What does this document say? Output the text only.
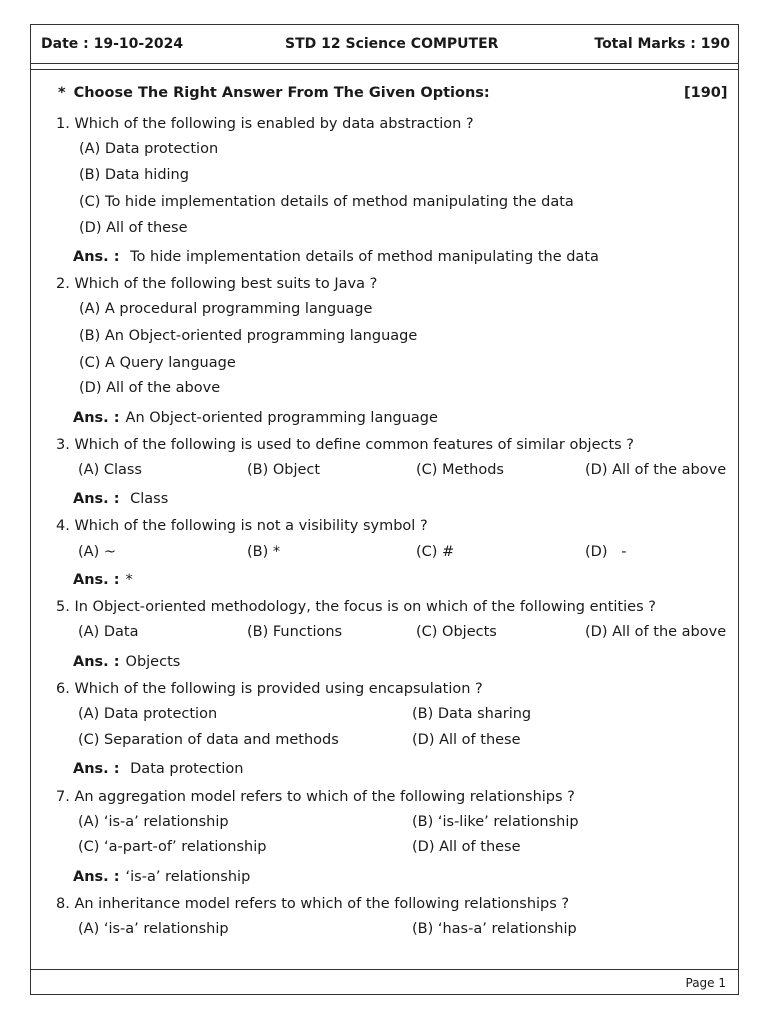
Date : 19-10-2024	STD 12 Science COMPUTER	Total Marks : 190
Page 1
* Choose The Right Answer From The Given Options:	[190]
1. Which of the following is enabled by data abstraction ?
(A) Data protection
(B) Data hiding
(C) To hide implementation details of method manipulating the data
(D) All of these
Ans. : To hide implementation details of method manipulating the data
2. Which of the following best suits to Java ?
(A) A procedural programming language
(B) An Object-oriented programming language
(C) A Query language
(D) All of the above
Ans. : An Object-oriented programming language
3. Which of the following is used to define common features of similar objects ?
(A) Class	(B) Object	(C) Methods	(D) All of the above
Ans. : Class
4. Which of the following is not a visibility symbol ?
(A) ~	(B) *	(C) #	(D)   -
Ans. : *
5. In Object-oriented methodology, the focus is on which of the following entities ?
(A) Data	(B) Functions	(C) Objects	(D) All of the above
Ans. : Objects
6. Which of the following is provided using encapsulation ?
(A) Data protection	(B) Data sharing
(C) Separation of data and methods	(D) All of these
Ans. : Data protection
7. An aggregation model refers to which of the following relationships ?
(A) ‘is-a’ relationship	(B) ‘is-like’ relationship
(C) ‘a-part-of’ relationship	(D) All of these
Ans. : ‘is-a’ relationship
8. An inheritance model refers to which of the following relationships ?
(A) ‘is-a’ relationship	(B) ‘has-a’ relationship
